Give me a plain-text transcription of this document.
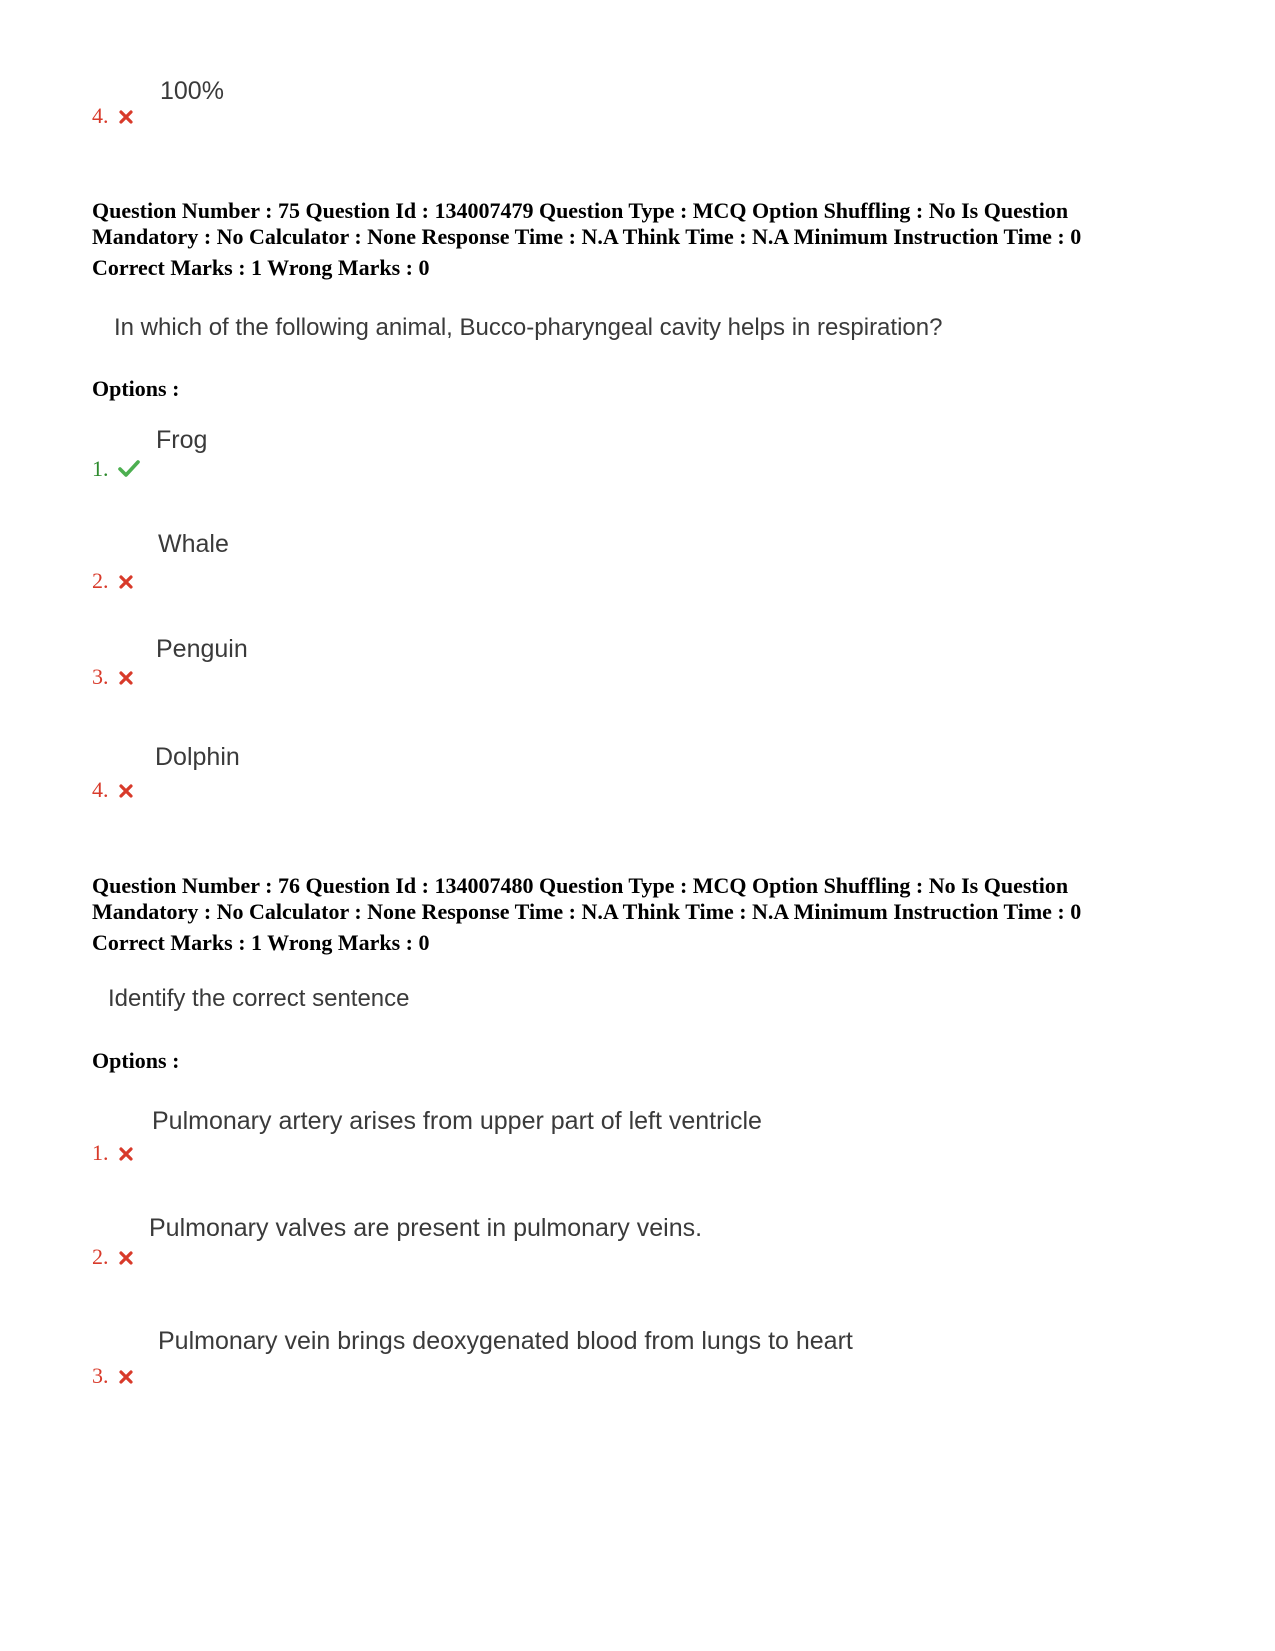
100%
4.
Question Number : 75 Question Id : 134007479 Question Type : MCQ Option Shuffling : No Is Question
Mandatory : No Calculator : None Response Time : N.A Think Time : N.A Minimum Instruction Time : 0
Correct Marks : 1 Wrong Marks : 0
In which of the following animal, Bucco-pharyngeal cavity helps in respiration?
Options :
Frog
1.
Whale
2.
Penguin
3.
Dolphin
4.
Question Number : 76 Question Id : 134007480 Question Type : MCQ Option Shuffling : No Is Question
Mandatory : No Calculator : None Response Time : N.A Think Time : N.A Minimum Instruction Time : 0
Correct Marks : 1 Wrong Marks : 0
Identify the correct sentence
Options :
Pulmonary artery arises from upper part of left ventricle
1.
Pulmonary valves are present in pulmonary veins.
2.
Pulmonary vein brings deoxygenated blood from lungs to heart
3.
